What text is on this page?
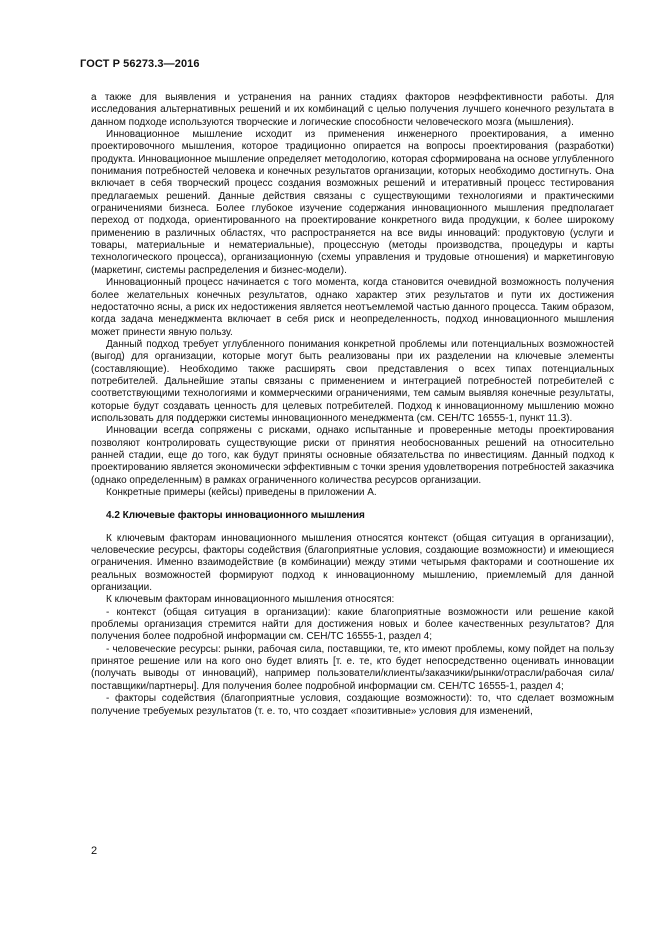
ГОСТ Р 56273.3—2016

а также для выявления и устранения на ранних стадиях факторов неэффективности работы. Для исследования альтернативных решений и их комбинаций с целью получения лучшего конечного результата в данном подходе используются творческие и логические способности человеческого мозга (мышления).

Инновационное мышление исходит из применения инженерного проектирования, а именно проектировочного мышления, которое традиционно опирается на вопросы проектирования (разработки) продукта. Инновационное мышление определяет методологию, которая сформирована на основе углубленного понимания потребностей человека и конечных результатов организации, которых необходимо достигнуть. Она включает в себя творческий процесс создания возможных решений и итеративный процесс тестирования предлагаемых решений. Данные действия связаны с существующими технологиями и практическими ограничениями бизнеса. Более глубокое изучение содержания инновационного мышления предполагает переход от подхода, ориентированного на проектирование конкретного вида продукции, к более широкому применению в различных областях, что распространяется на все виды инноваций: продуктовую (услуги и товары, материальные и нематериальные), процессную (методы производства, процедуры и карты технологического процесса), организационную (схемы управления и трудовые отношения) и маркетинговую (маркетинг, системы распределения и бизнес-модели).

Инновационный процесс начинается с того момента, когда становится очевидной возможность получения более желательных конечных результатов, однако характер этих результатов и пути их достижения недостаточно ясны, а риск их недостижения является неотъемлемой частью данного процесса. Таким образом, когда задача менеджмента включает в себя риск и неопределенность, подход инновационного мышления может принести явную пользу.

Данный подход требует углубленного понимания конкретной проблемы или потенциальных возможностей (выгод) для организации, которые могут быть реализованы при их разделении на ключевые элементы (составляющие). Необходимо также расширять свои представления о всех типах потенциальных потребителей. Дальнейшие этапы связаны с применением и интеграцией потребностей потребителей с соответствующими технологиями и коммерческими ограничениями, тем самым выявляя конечные результаты, которые будут создавать ценность для целевых потребителей. Подход к инновационному мышлению можно использовать для поддержки системы инновационного менеджмента (см. CEH/TC 16555-1, пункт 11.3).

Инновации всегда сопряжены с рисками, однако испытанные и проверенные методы проектирования позволяют контролировать существующие риски от принятия необоснованных решений на относительно ранней стадии, еще до того, как будут приняты основные обязательства по инвестициям. Данный подход к проектированию является экономически эффективным с точки зрения удовлетворения потребностей заказчика (однако определенным) в рамках ограниченного количества ресурсов организации.

Конкретные примеры (кейсы) приведены в приложении А.

4.2 Ключевые факторы инновационного мышления

К ключевым факторам инновационного мышления относятся контекст (общая ситуация в организации), человеческие ресурсы, факторы содействия (благоприятные условия, создающие возможности) и имеющиеся ограничения. Именно взаимодействие (в комбинации) между этими четырьмя факторами и соотношение их реальных возможностей формируют подход к инновационному мышлению, приемлемый для данной организации.

К ключевым факторам инновационного мышления относятся:

- контекст (общая ситуация в организации): какие благоприятные возможности или решение какой проблемы организация стремится найти для достижения новых и более качественных результатов? Для получения более подробной информации см. CEH/TC 16555-1, раздел 4;

- человеческие ресурсы: рынки, рабочая сила, поставщики, те, кто имеют проблемы, кому пойдет на пользу принятое решение или на кого оно будет влиять [т. е. те, кто будет непосредственно оценивать инновации (получать выводы от инноваций), например пользователи/клиенты/заказчики/рынки/отрасли/рабочая сила/поставщики/партнеры]. Для получения более подробной информации см. CEH/TC 16555-1, раздел 4;

- факторы содействия (благоприятные условия, создающие возможности): то, что сделает возможным получение требуемых результатов (т. е. то, что создает «позитивные» условия для изменений,

2
